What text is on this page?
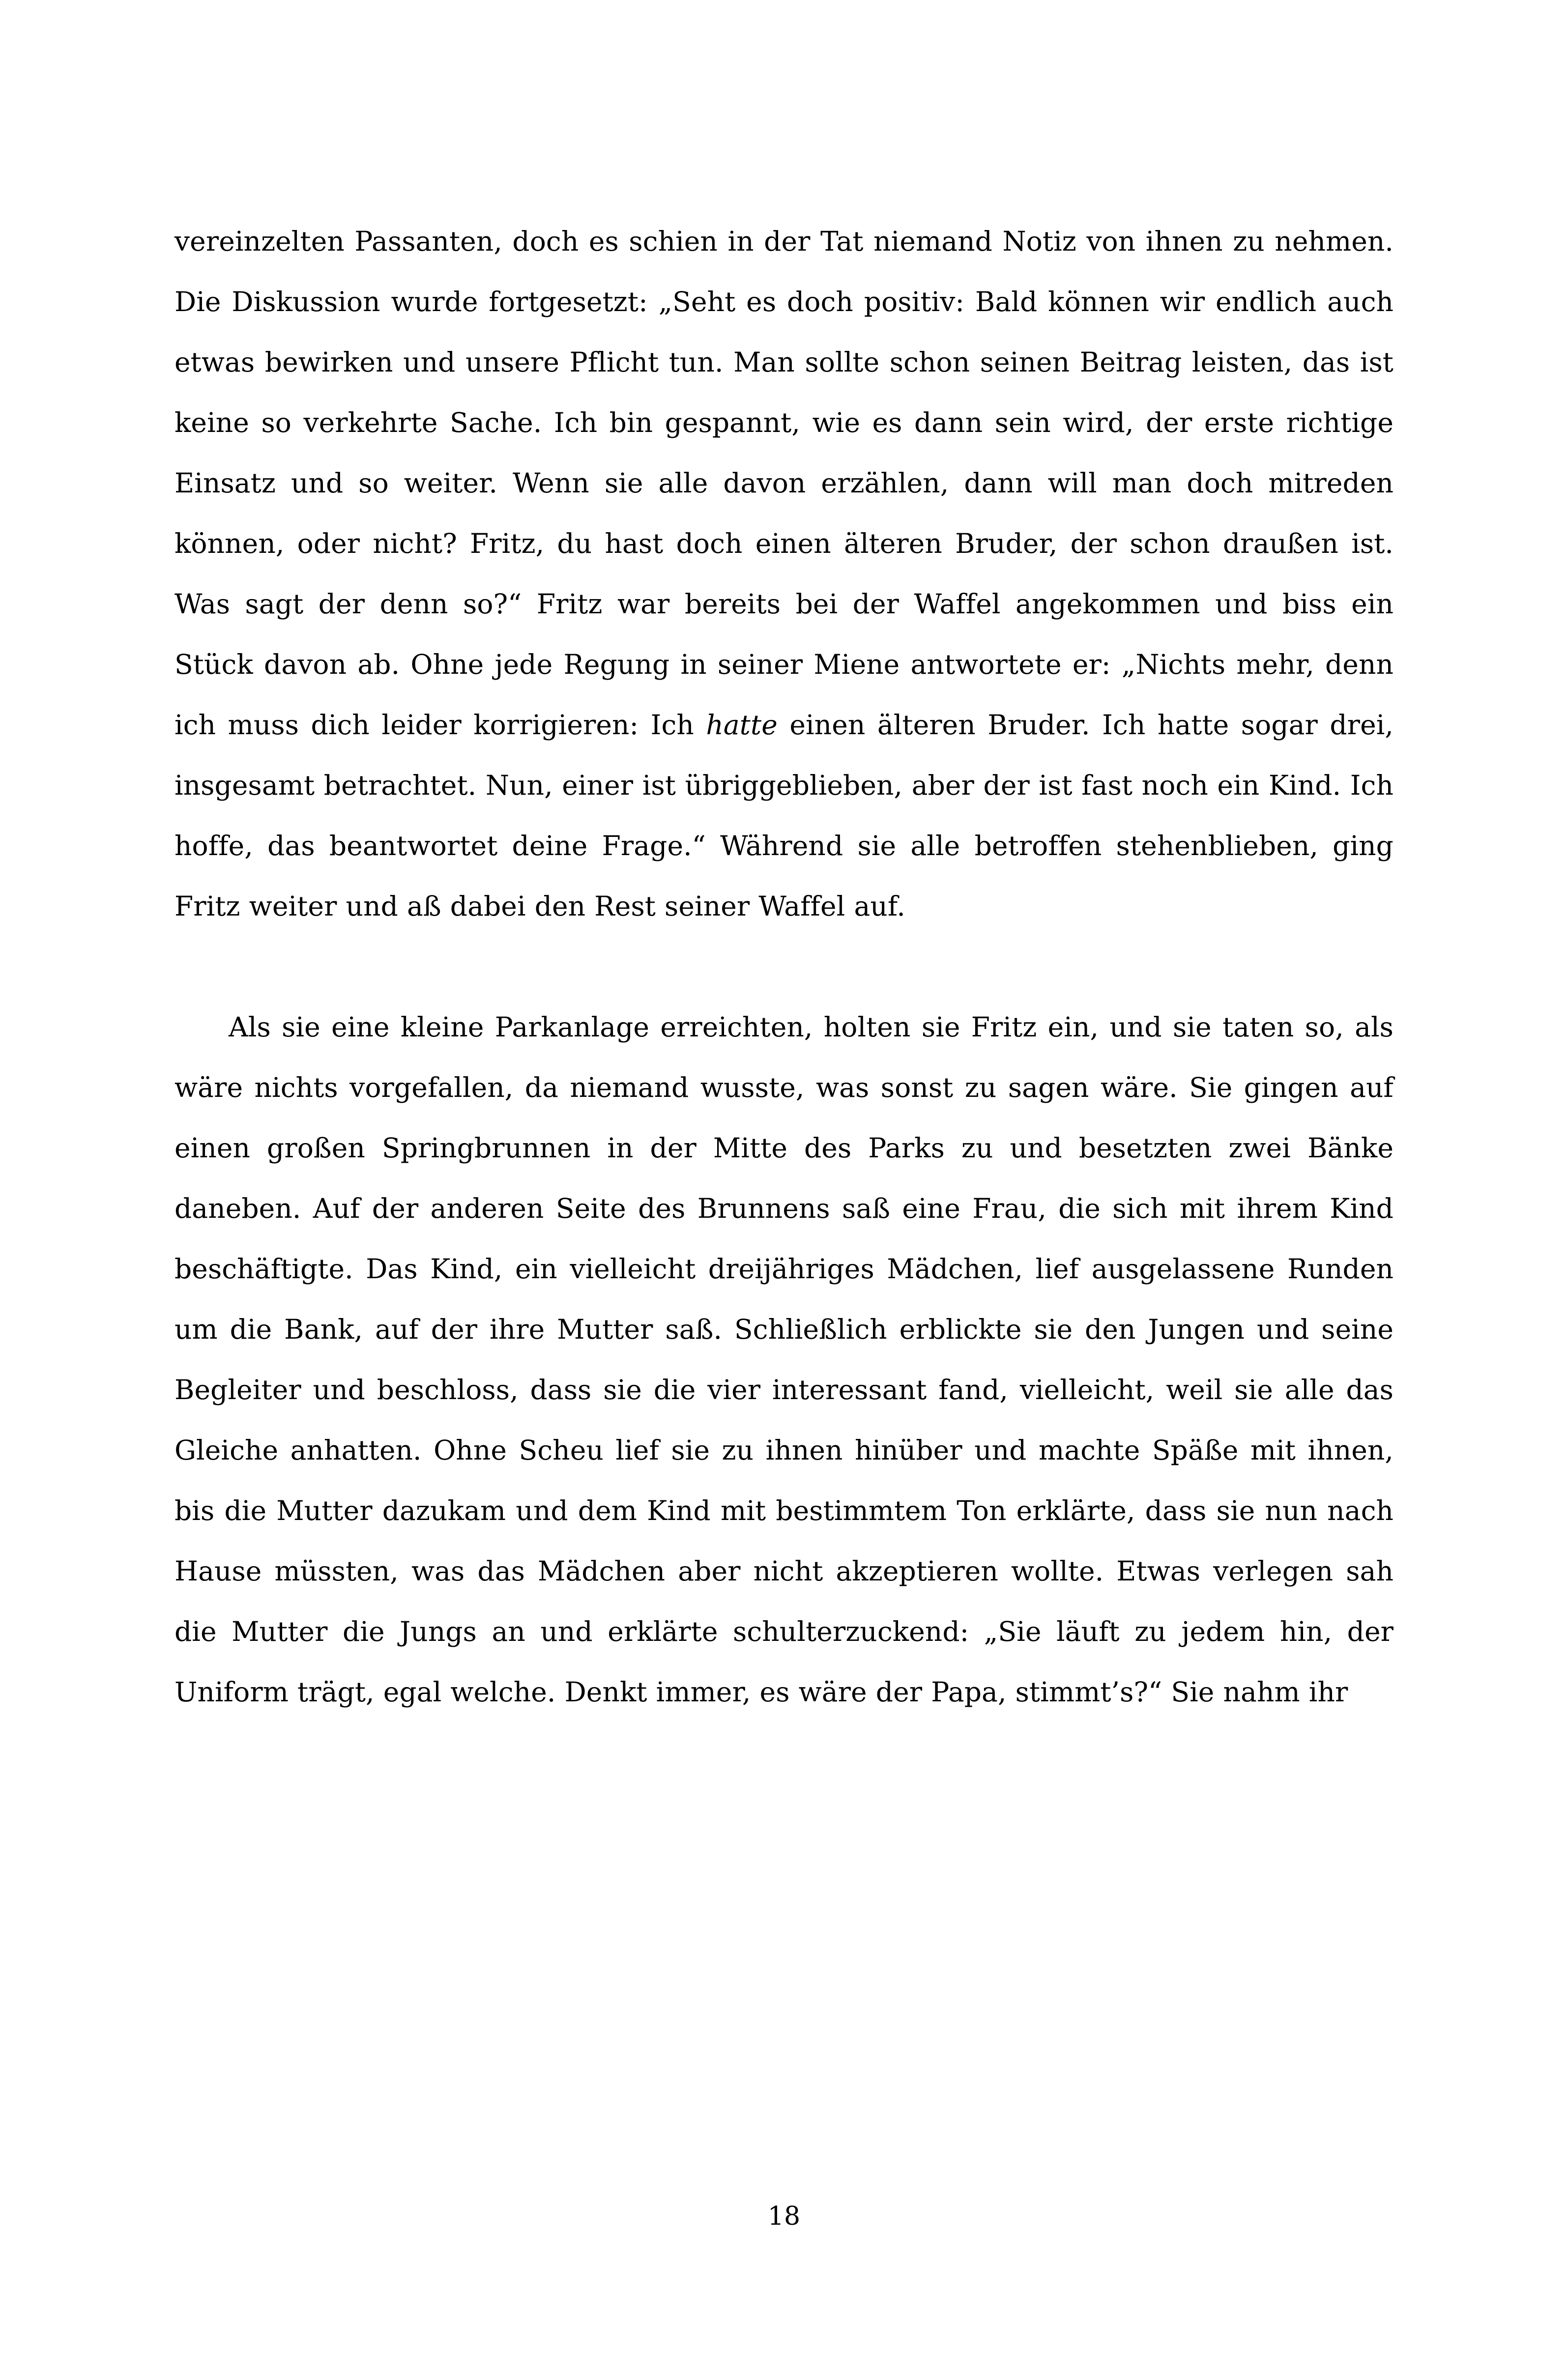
vereinzelten Passanten, doch es schien in der Tat niemand Notiz von ihnen zu nehmen. Die Diskussion wurde fortgesetzt: „Seht es doch positiv: Bald können wir endlich auch etwas bewirken und unsere Pflicht tun. Man sollte schon seinen Beitrag leisten, das ist keine so verkehrte Sache. Ich bin gespannt, wie es dann sein wird, der erste richtige Einsatz und so weiter. Wenn sie alle davon erzählen, dann will man doch mitreden können, oder nicht? Fritz, du hast doch einen älteren Bruder, der schon draußen ist. Was sagt der denn so?“ Fritz war bereits bei der Waffel angekommen und biss ein Stück davon ab. Ohne jede Regung in seiner Miene antwortete er: „Nichts mehr, denn ich muss dich leider korrigieren: Ich hatte einen älteren Bruder. Ich hatte sogar drei, insgesamt betrachtet. Nun, einer ist übriggeblieben, aber der ist fast noch ein Kind. Ich hoffe, das beantwortet deine Frage.“ Während sie alle betroffen stehenblieben, ging Fritz weiter und aß dabei den Rest seiner Waffel auf.

Als sie eine kleine Parkanlage erreichten, holten sie Fritz ein, und sie taten so, als wäre nichts vorgefallen, da niemand wusste, was sonst zu sagen wäre. Sie gingen auf einen großen Springbrunnen in der Mitte des Parks zu und besetzten zwei Bänke daneben. Auf der anderen Seite des Brunnens saß eine Frau, die sich mit ihrem Kind beschäftigte. Das Kind, ein vielleicht dreijähriges Mädchen, lief ausgelassene Runden um die Bank, auf der ihre Mutter saß. Schließlich erblickte sie den Jungen und seine Begleiter und beschloss, dass sie die vier interessant fand, vielleicht, weil sie alle das Gleiche anhatten. Ohne Scheu lief sie zu ihnen hinüber und machte Späße mit ihnen, bis die Mutter dazukam und dem Kind mit bestimmtem Ton erklärte, dass sie nun nach Hause müssten, was das Mädchen aber nicht akzeptieren wollte. Etwas verlegen sah die Mutter die Jungs an und erklärte schulterzuckend: „Sie läuft zu jedem hin, der Uniform trägt, egal welche. Denkt immer, es wäre der Papa, stimmt’s?“ Sie nahm ihr

18
